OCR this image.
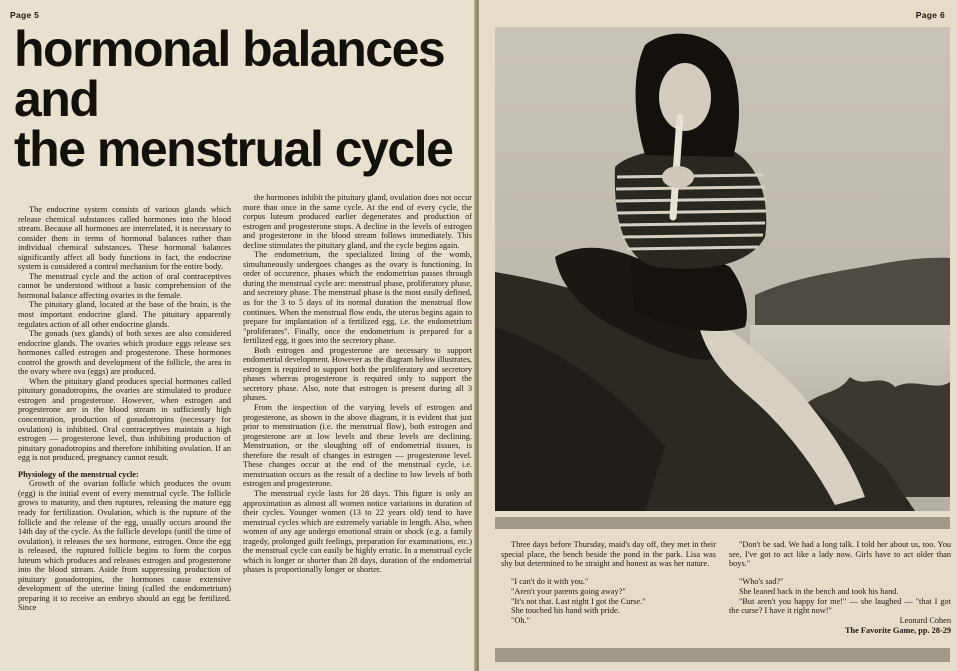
Page 5
hormonal balances
and
the menstrual cycle

The endocrine system consists of various glands which release chemical substances called hormones into the blood stream. Because all hormones are interrelated, it is necessary to consider them in terms of hormonal balances rather than individual chemical substances. These hormonal balances significantly affect all body functions in fact, the endocrine system is considered a control mechanism for the entire body.

The menstrual cycle and the action of oral contraceptives cannot be understood without a basic comprehension of the hormonal balance affecting ovaries in the female.

The pituitary gland, located at the base of the brain, is the most important endocrine gland. The pituitary apparently regulates action of all other endocrine glands.

The gonads (sex glands) of both sexes are also considered endocrine glands. The ovaries which produce eggs release sex hormones called estrogen and progesterone. These hormones control the growth and development of the follicle, the area in the ovary where ova (eggs) are produced.

When the pituitary gland produces special hormones called pituitary gonadotropins, the ovaries are stimulated to produce estrogen and progesterone. However, when estrogen and progesterone are in the blood stream in sufficiently high concentration, production of gonadotropins (necessary for ovulation) is inhibited. Oral contraceptives maintain a high estrogen — progesterone level, thus inhibiting production of pituitary gonadotropins and therefore inhibiting ovulation. If an egg is not produced, pregnancy cannot result.

Physiology of the menstrual cycle:

Growth of the ovarian follicle which produces the ovum (egg) is the initial event of every menstrual cycle. The follicle grows to maturity, and then ruptures, releasing the mature egg ready for fertilization. Ovulation, which is the rupture of the follicle and the release of the egg, usually occurs around the 14th day of the cycle. As the follicle develops (until the time of ovulation), it releases the sex hormone, estrogen. Once the egg is released, the ruptured follicle begins to form the corpus luteum which produces and releases estrogen and progesterone into the blood stream. Aside from suppressing production of pituitary gonadotropins, the hormones cause extensive development of the uterine lining (called the endometrium) preparing it to receive an embryo should an egg be fertilized. Since

the hormones inhibit the pituitary gland, ovulation does not occur more than once in the same cycle. At the end of every cycle, the corpus luteum produced earlier degenerates and production of estrogen and progesterone stops. A decline in the levels of estrogen and progesterone in the blood stream follows immediately. This decline stimulates the pituitary gland, and the cycle begins again.

The endometrium, the specialized lining of the womb, simultaneously undergoes changes as the ovary is functioning. In order of occurence, phases which the endometriun passes through during the menstrual cycle are: menstrual phase, proliferatory phase, and secretory phase. The menstrual phase is the most easily defined, as for the 3 to 5 days of its normal duration the menstrual flow continues. When the menstrual flow ends, the uterus begins again to prepare for implantation of a fertilized egg, i.e. the endometrium "proliferates". Finally, once the endometrium is prepared for a fertilized egg, it goes into the secretory phase.

Both estrogen and progesterone are necessary to support endometrial development. However as the diagram below illustrates, estrogen is required to support both the proliferatory and secretory phases whereas progesterone is required only to support the secretory phase. Also, note that estrogen is present during all 3 phases.

From the inspection of the varying levels of estrogen and progesterone, as shown in the above diagram, it is evident that just prior to menstruation (i.e. the menstrual flow), both estrogen and progesterone are at low levels and these levels are declining. Menstruation, or the sloughing off of endometrial tissues, is therefore the result of changes in estrogen — progesterone level. These changes occur at the end of the menstrual cycle, i.e. menstruation occurs as the result of a decline to low levels of both estrogen and progesterone.

The menstrual cycle lasts for 28 days. This figure is only an approximation as almost all women notice variations in duration of their cycles. Younger women (13 to 22 years old) tend to have menstrual cycles which are extremely variable in length. Also, when women of any age undergo emotional strain or shock (e.g. a family tragedy, prolonged guilt feelings, preparation for examinations, etc.) the menstrual cycle can easily be highly erratic. In a menstrual cycle which is longer or shorter than 28 days, duration of the endometrial phases is proportionally longer or shorter.

Page 6

Three days before Thursday, maid's day off, they met in their special place, the bench beside the pond in the park. Lisa was shy but determined to be straight and honest as was her nature.

"I can't do it with you."

"Aren't your parents going away?"

"It's not that. Last night I got the Curse."

She touched his hand with pride.

"Oh."

"Don't be sad. We had a long talk. I told her about us, too. You see, I've got to act like a lady now. Girls have to act older than boys."

"Who's sad?"

She leaned back in the bench and took his hand.

"But aren't you happy for me!" — she laughed — "that I got the curse? I have it right now!"

Leonard Cohen

The Favorite Game, pp. 28-29
